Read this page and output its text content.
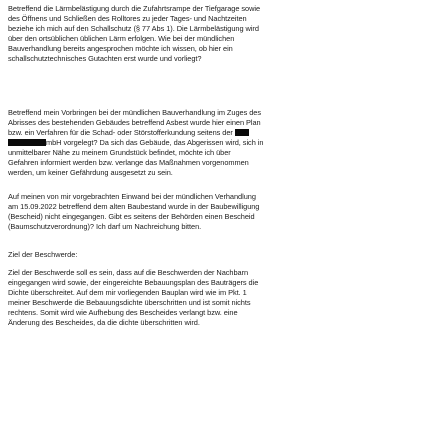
Betreffend die Lärmbelästigung durch die Zufahrtsrampe der Tiefgarage sowie
des Öffnens und Schließen des Rolltores zu jeder Tages- und Nachtzeiten
beziehe ich mich auf den Schallschutz (§ 77 Abs 1). Die Lärmbelästigung wird
über den ortsüblichen üblichen Lärm erfolgen. Wie bei der mündlichen
Bauverhandlung bereits angesprochen möchte ich wissen, ob hier ein
schallschutztechnisches Gutachten erst wurde und vorliegt?

Betreffend mein Vorbringen bei der mündlichen Bauverhandlung im Zuges des
Abrisses des bestehenden Gebäudes betreffend Asbest wurde hier einen Plan
bzw. ein Verfahren für die Schad- oder Störstofferkundung seitens der
mbH vorgelegt? Da sich das Gebäude, das Abgerissen wird, sich in
unmittelbarer Nähe zu meinem Grundstück befindet, möchte ich über
Gefahren informiert werden bzw. verlange das Maßnahmen vorgenommen
werden, um keiner Gefährdung ausgesetzt zu sein.

Auf meinen von mir vorgebrachten Einwand bei der mündlichen Verhandlung
am 15.09.2022 betreffend dem alten Baubestand wurde in der Baubewilligung
(Bescheid) nicht eingegangen. Gibt es seitens der Behörden einen Bescheid
(Baumschutzverordnung)? Ich darf um Nachreichung bitten.

Ziel der Beschwerde:

Ziel der Beschwerde soll es sein, dass auf die Beschwerden der Nachbarn
eingegangen wird sowie, der eingereichte Bebauungsplan des Bauträgers die
Dichte überschreitet. Auf dem mir vorliegenden Bauplan wird wie im Pkt. 1
meiner Beschwerde die Bebauungsdichte überschritten und ist somit nichts
rechtens. Somit wird wie Aufhebung des Bescheides verlangt bzw. eine
Änderung des Bescheides, da die dichte überschritten wird.
